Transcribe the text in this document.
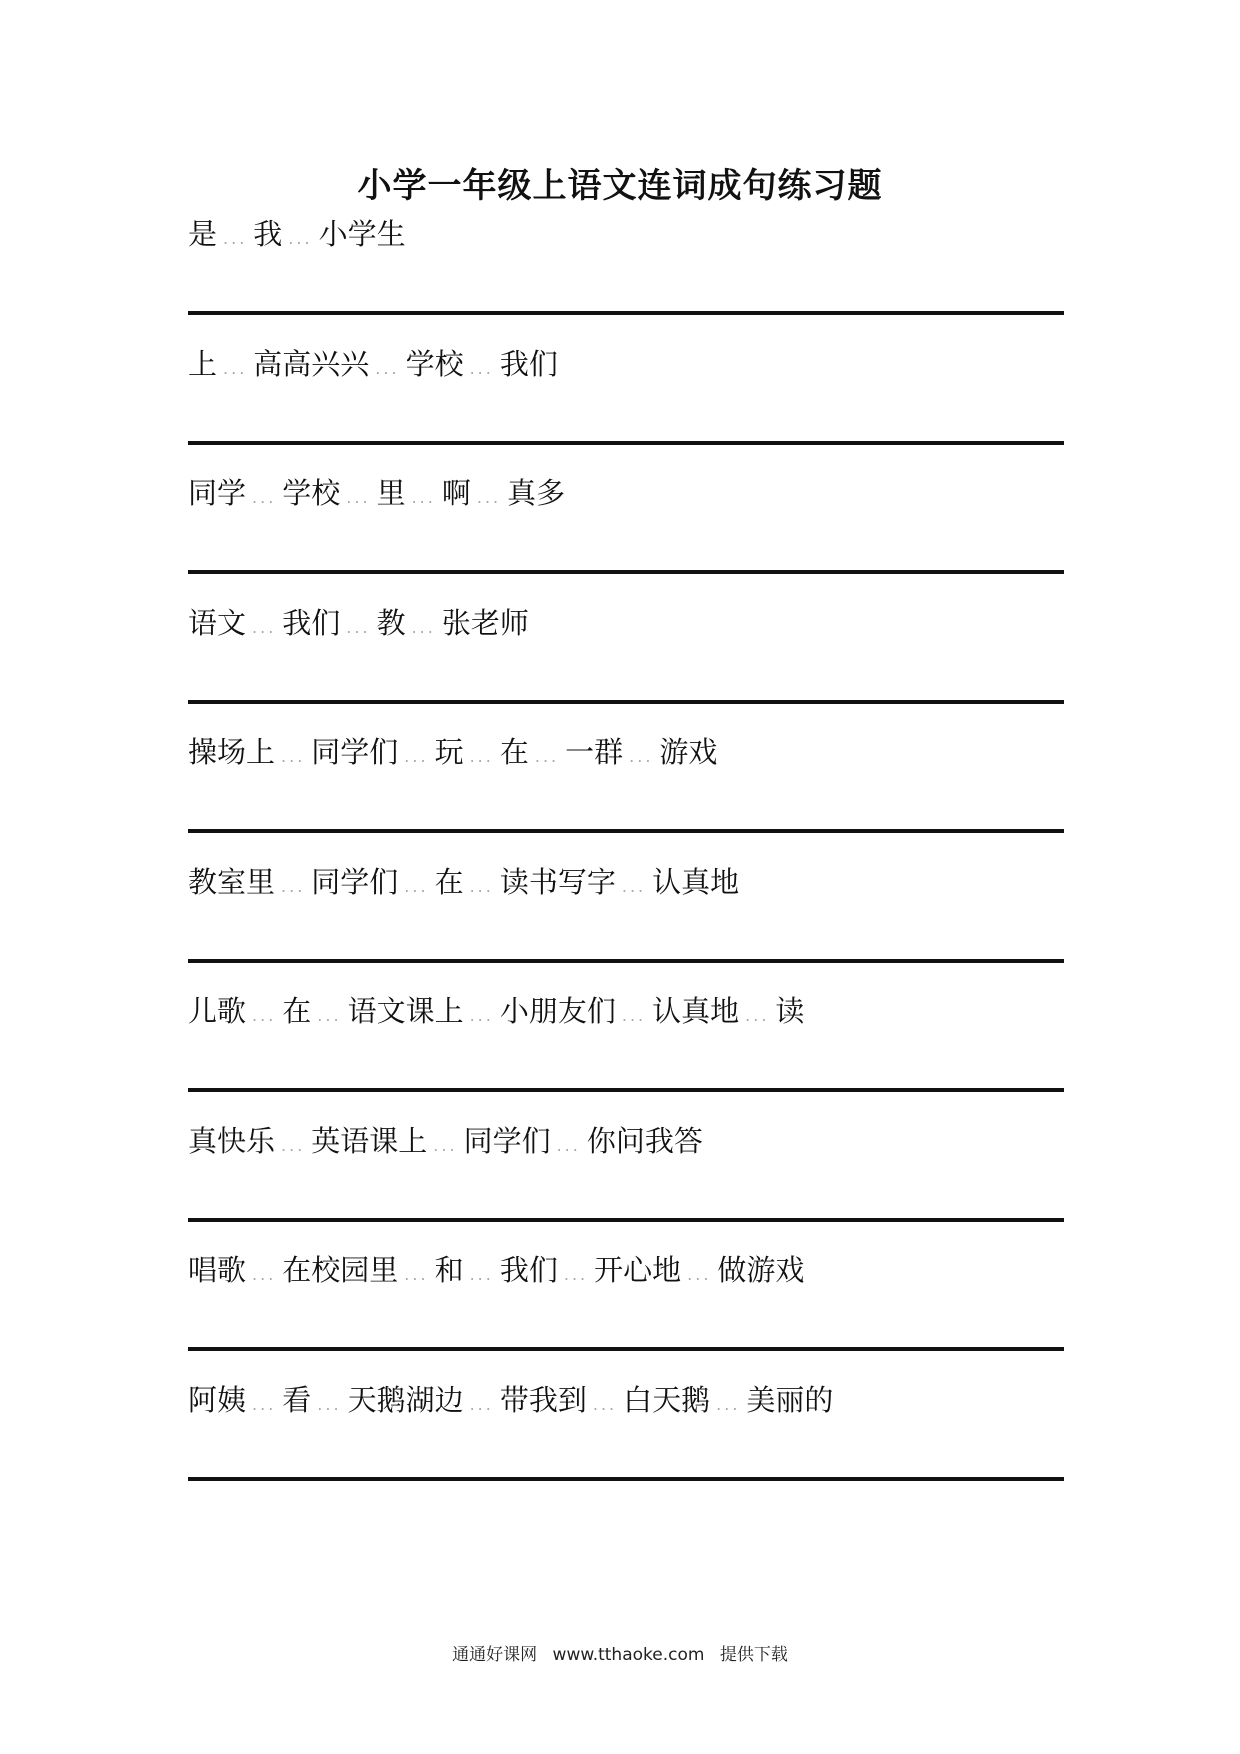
小学一年级上语文连词成句练习题
是 ... 我 ... 小学生
上 ... 高高兴兴 ... 学校 ... 我们
同学 ... 学校 ... 里 ... 啊 ... 真多
语文 ... 我们 ... 教 ... 张老师
操场上 ... 同学们 ... 玩 ... 在 ... 一群 ... 游戏
教室里 ... 同学们 ... 在 ... 读书写字 ... 认真地
儿歌 ... 在 ... 语文课上 ... 小朋友们 ... 认真地 ... 读
真快乐 ... 英语课上 ... 同学们 ... 你问我答
唱歌 ... 在校园里 ... 和 ... 我们 ... 开心地 ... 做游戏
阿姨 ... 看 ... 天鹅湖边 ... 带我到 ... 白天鹅 ... 美丽的
通通好课网 www.tthaoke.com 提供下载
